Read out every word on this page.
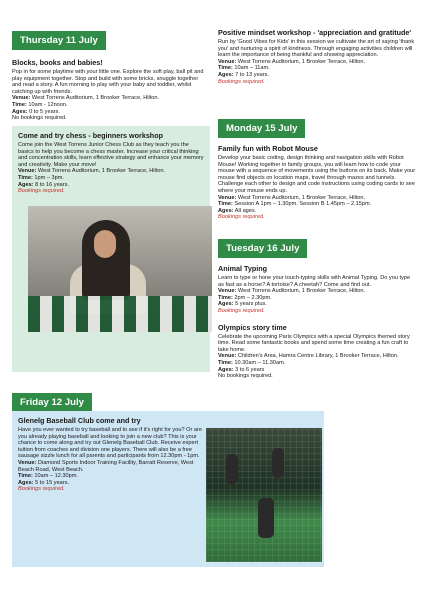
Thursday 11 July
Blocks, books and babies!
Pop in for some playtime with your little one. Explore the soft play, ball pit and play equipment together. Stop and build with some bricks, snuggle together and read a story. A fun morning to play with your baby and toddler, whilst catching up with friends.
Venue: West Torrens Auditorium, 1 Brooker Terrace, Hilton.
Time: 10am - 12noon.
Ages: 0 to 5 years.
No bookings required.
Come and try chess - beginners workshop
Come join the West Torrens Junior Chess Club as they teach you the basics to help you become a chess master. Increase your critical thinking and concentration skills, learn effective strategy and enhance your memory and creativity. Make your move!
Venue: West Torrens Auditorium, 1 Brooker Terrace, Hilton.
Time: 1pm – 3pm.
Ages: 8 to 16 years.
Bookings required.
Friday 12 July
Glenelg Baseball Club come and try
Have you ever wanted to try baseball and to see if it’s right for you? Or are you already playing baseball and looking to join a new club? This is your chance to come along and try out Glenelg Baseball Club. Receive expert tuition from coaches and division one players. There will also be a free sausage sizzle lunch for all parents and participants from 12.30pm - 1pm.
Venue: Diamond Sports Indoor Training Facility, Barratt Reserve, West Beach Road, West Beach.
Time: 10am – 12.30pm.
Ages: 5 to 15 years.
Bookings required.
Positive mindset workshop - 'appreciation and gratitude'
Run by 'Good Vibes for Kids' in this session we cultivate the art of saying 'thank you' and nurturing a spirit of kindness. Through engaging activities children will learn the importance of being thankful and showing appreciation.
Venue: West Torrens Auditorium, 1 Brooker Terrace, Hilton.
Time: 10am – 11am.
Ages: 7 to 13 years.
Bookings required.
Monday 15 July
Family fun with Robot Mouse
Develop your basic coding, design thinking and navigation skills with Robot Mouse! Working together in family groups, you will learn how to code your mouse with a sequence of movements using the buttons on its back. Make your mouse find objects on location maps, travel through mazes and tunnels. Challenge each other to design and code instructions using coding cards to see where your mouse ends up.
Venue: West Torrens Auditorium, 1 Brooker Terrace, Hilton.
Time: Session A 1pm – 1.30pm. Session B 1.45pm – 2.15pm.
Ages: All ages.
Bookings required.
Tuesday 16 July
Animal Typing
Learn to type or hone your touch-typing skills with Animal Typing. Do you type as fast as a horse? A tortoise? A cheetah? Come and find out.
Venue: West Torrens Auditorium, 1 Brooker Terrace, Hilton.
Time: 2pm – 2.30pm.
Ages: 5 years plus.
Bookings required.
Olympics story time
Celebrate the upcoming Paris Olympics with a special Olympics themed story time. Read some fantastic books and spend some time creating a fun craft to take home.
Venue: Children's Area, Hamra Centre Library, 1 Brooker Terrace, Hilton.
Time: 10.30am – 11.30am.
Ages: 3 to 6 years
No bookings required.
